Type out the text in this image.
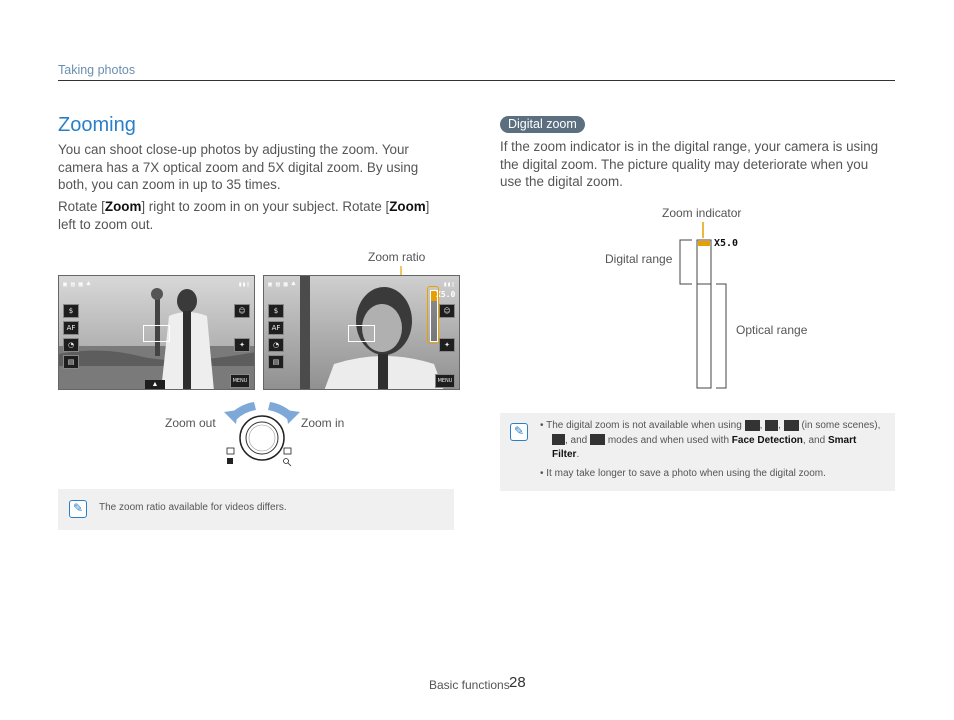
Taking photos
Zooming
You can shoot close-up photos by adjusting the zoom. Your camera has a 7X optical zoom and 5X digital zoom. By using both, you can zoom in up to 35 times.
Rotate [Zoom] right to zoom in on your subject. Rotate [Zoom] left to zoom out.
Zoom ratio
▣ ▤ ▦ ♣	▮▮▯
$
AF
◔
▤
☺
✦
MENU
▲
▣ ▤ ▦ ♣	▮▮▯
$
AF
◔
▤
☺
✦
MENU
X5.0
Zoom out	Zoom in
✎	The zoom ratio available for videos differs.
Digital zoom
If the zoom indicator is in the digital range, your camera is using the digital zoom. The picture quality may deteriorate when you use the digital zoom.
Zoom indicator
Digital range
Optical range
X5.0
✎	• The digital zoom is not available when using , ,  (in some scenes), , and modes and when used with Face Detection, and Smart Filter.
• It may take longer to save a photo when using the digital zoom.
Basic functions 28
